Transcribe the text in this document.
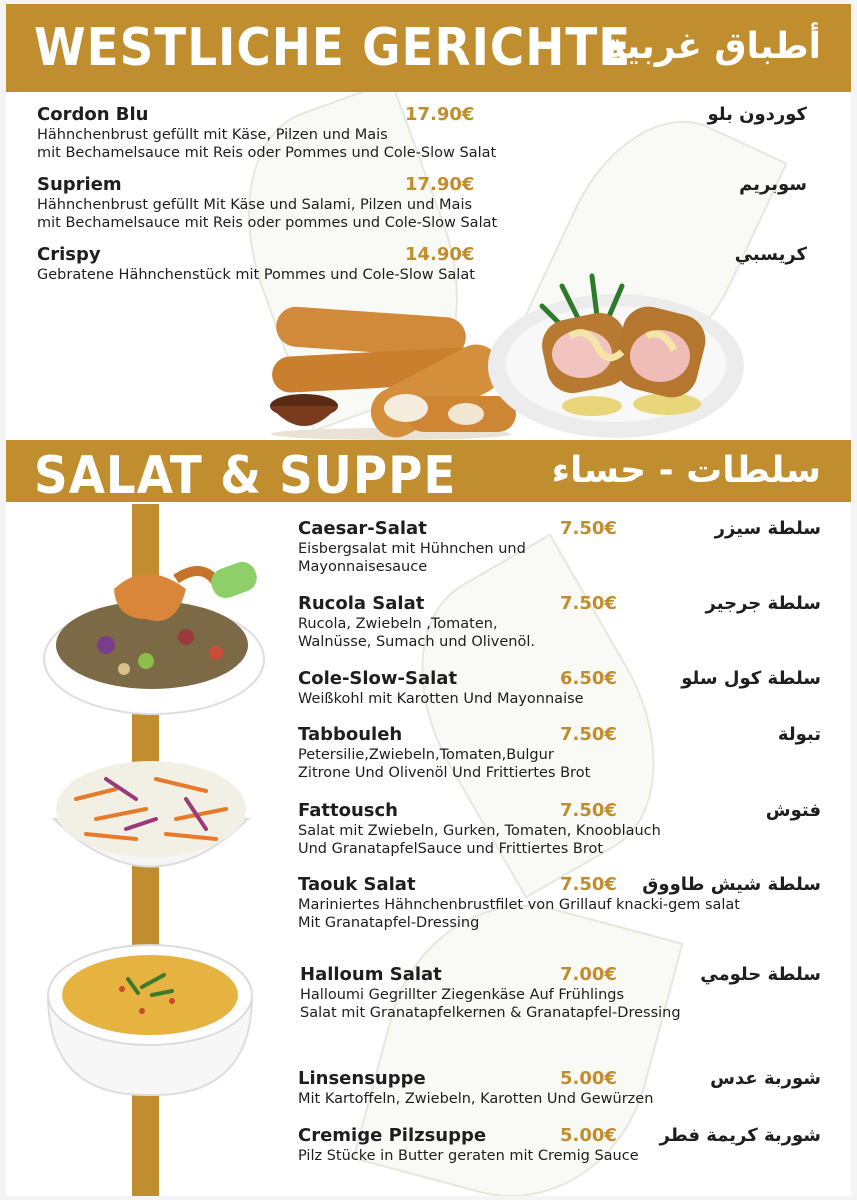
WESTLICHE GERICHTE
أطباق غربية
Cordon Blu	17.90€	كوردون بلو
Hähnchenbrust gefüllt mit Käse, Pilzen und Mais
mit Bechamelsauce mit Reis oder Pommes und Cole-Slow Salat
Supriem	17.90€	سوبريم
Hähnchenbrust gefüllt Mit Käse und Salami, Pilzen und Mais
mit Bechamelsauce mit Reis oder pommes und Cole-Slow Salat
Crispy	14.90€	كريسبي
Gebratene Hähnchenstück mit Pommes und Cole-Slow Salat
SALAT & SUPPE	سلطات - حساء
Caesar-Salat	7.50€	سلطة سيزر
Eisbergsalat mit Hühnchen und
Mayonnaisesauce
Rucola Salat	7.50€	سلطة جرجير
Rucola, Zwiebeln ,Tomaten,
Walnüsse, Sumach und Olivenöl.
Cole-Slow-Salat	6.50€	سلطة كول سلو
Weißkohl mit Karotten Und Mayonnaise
Tabbouleh	7.50€	تبولة
Petersilie,Zwiebeln,Tomaten,Bulgur
Zitrone Und Olivenöl Und Frittiertes Brot
Fattousch	7.50€	فتوش
Salat mit Zwiebeln, Gurken, Tomaten, Knooblauch
Und GranatapfelSauce und Frittiertes Brot
Taouk Salat	7.50€ سلطة شيش طاووق
Mariniertes Hähnchenbrustfilet von Grillauf knacki-gem salat
Mit Granatapfel-Dressing
Halloum Salat	7.00€	سلطة حلومي
Halloumi Gegrillter Ziegenkäse Auf Frühlings
Salat mit Granatapfelkernen & Granatapfel-Dressing
Linsensuppe	5.00€	شوربة عدس
Mit Kartoffeln, Zwiebeln, Karotten Und Gewürzen
Cremige Pilzsuppe	5.00€ شوربة كريمة فطر
Pilz Stücke in Butter geraten mit Cremig Sauce
